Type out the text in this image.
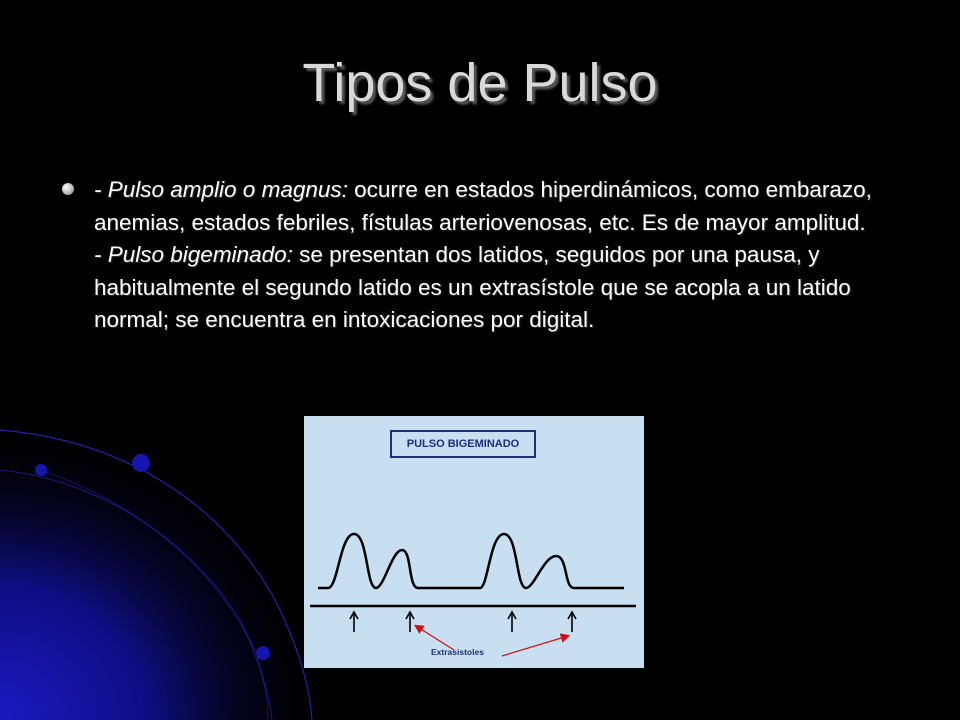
Tipos de Pulso

- Pulso amplio o magnus: ocurre en estados hiperdinámicos, como embarazo, anemias, estados febriles, fístulas arteriovenosas, etc. Es de mayor amplitud.
- Pulso bigeminado: se presentan dos latidos, seguidos por una pausa, y habitualmente el segundo latido es un extrasístole que se acopla a un latido normal; se encuentra en intoxicaciones por digital.

PULSO BIGEMINADO
Extrasistoles
